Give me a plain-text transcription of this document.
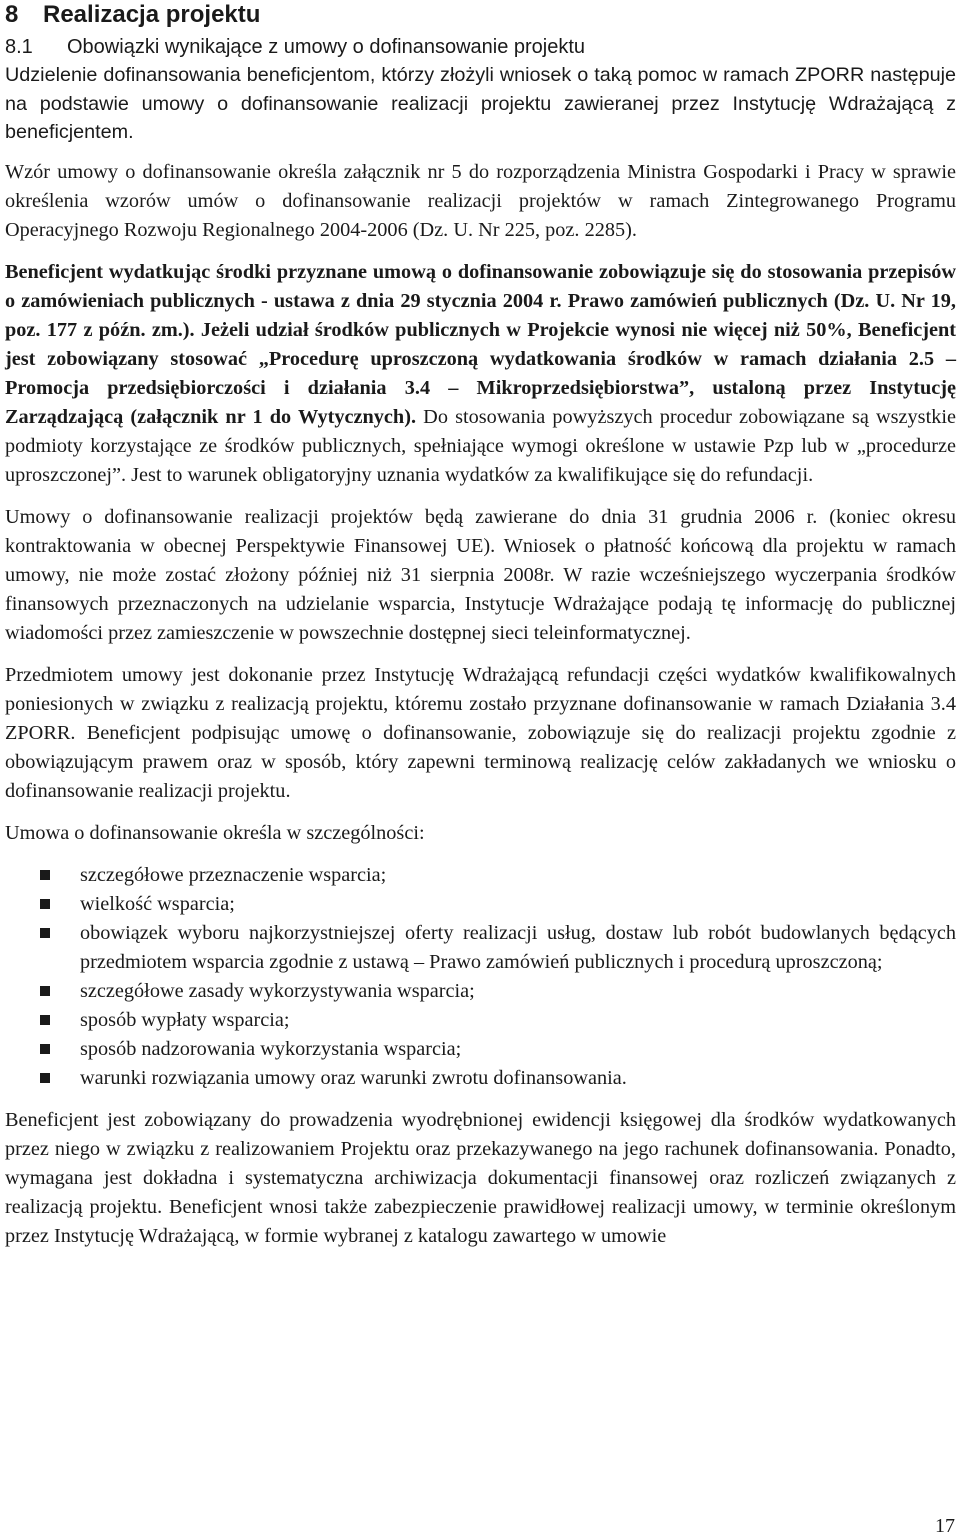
8 Realizacja projektu
8.1 Obowiązki wynikające z umowy o dofinansowanie projektu

Udzielenie dofinansowania beneficjentom, którzy złożyli wniosek o taką pomoc w ramach ZPORR następuje na podstawie umowy o dofinansowanie realizacji projektu zawieranej przez Instytucję Wdrażającą z beneficjentem.

Wzór umowy o dofinansowanie określa załącznik nr 5 do rozporządzenia Ministra Gospodarki i Pracy w sprawie określenia wzorów umów o dofinansowanie realizacji projektów w ramach Zintegrowanego Programu Operacyjnego Rozwoju Regionalnego 2004-2006 (Dz. U. Nr 225, poz. 2285).

Beneficjent wydatkując środki przyznane umową o dofinansowanie zobowiązuje się do stosowania przepisów o zamówieniach publicznych - ustawa z dnia 29 stycznia 2004 r. Prawo zamówień publicznych (Dz. U. Nr 19, poz. 177 z późn. zm.). Jeżeli udział środków publicznych w Projekcie wynosi nie więcej niż 50%, Beneficjent jest zobowiązany stosować „Procedurę uproszczoną wydatkowania środków w ramach działania 2.5 – Promocja przedsiębiorczości i działania 3.4 – Mikroprzedsiębiorstwa”, ustaloną przez Instytucję Zarządzającą (załącznik nr 1 do Wytycznych). Do stosowania powyższych procedur zobowiązane są wszystkie podmioty korzystające ze środków publicznych, spełniające wymogi określone w ustawie Pzp lub w „procedurze uproszczonej”. Jest to warunek obligatoryjny uznania wydatków za kwalifikujące się do refundacji.

Umowy o dofinansowanie realizacji projektów będą zawierane do dnia 31 grudnia 2006 r. (koniec okresu kontraktowania w obecnej Perspektywie Finansowej UE). Wniosek o płatność końcową dla projektu w ramach umowy, nie może zostać złożony później niż 31 sierpnia 2008r. W razie wcześniejszego wyczerpania środków finansowych przeznaczonych na udzielanie wsparcia, Instytucje Wdrażające podają tę informację do publicznej wiadomości przez zamieszczenie w powszechnie dostępnej sieci teleinformatycznej.

Przedmiotem umowy jest dokonanie przez Instytucję Wdrażającą refundacji części wydatków kwalifikowalnych poniesionych w związku z realizacją projektu, któremu zostało przyznane dofinansowanie w ramach Działania 3.4 ZPORR. Beneficjent podpisując umowę o dofinansowanie, zobowiązuje się do realizacji projektu zgodnie z obowiązującym prawem oraz w sposób, który zapewni terminową realizację celów zakładanych we wniosku o dofinansowanie realizacji projektu.

Umowa o dofinansowanie określa w szczególności:

szczegółowe przeznaczenie wsparcia;
wielkość wsparcia;
obowiązek wyboru najkorzystniejszej oferty realizacji usług, dostaw lub robót budowlanych będących przedmiotem wsparcia zgodnie z ustawą – Prawo zamówień publicznych i procedurą uproszczoną;
szczegółowe zasady wykorzystywania wsparcia;
sposób wypłaty wsparcia;
sposób nadzorowania wykorzystania wsparcia;
warunki rozwiązania umowy oraz warunki zwrotu dofinansowania.

Beneficjent jest zobowiązany do prowadzenia wyodrębnionej ewidencji księgowej dla środków wydatkowanych przez niego w związku z realizowaniem Projektu oraz przekazywanego na jego rachunek dofinansowania. Ponadto, wymagana jest dokładna i systematyczna archiwizacja dokumentacji finansowej oraz rozliczeń związanych z realizacją projektu. Beneficjent wnosi także zabezpieczenie prawidłowej realizacji umowy, w terminie określonym przez Instytucję Wdrażającą, w formie wybranej z katalogu zawartego w umowie

17
